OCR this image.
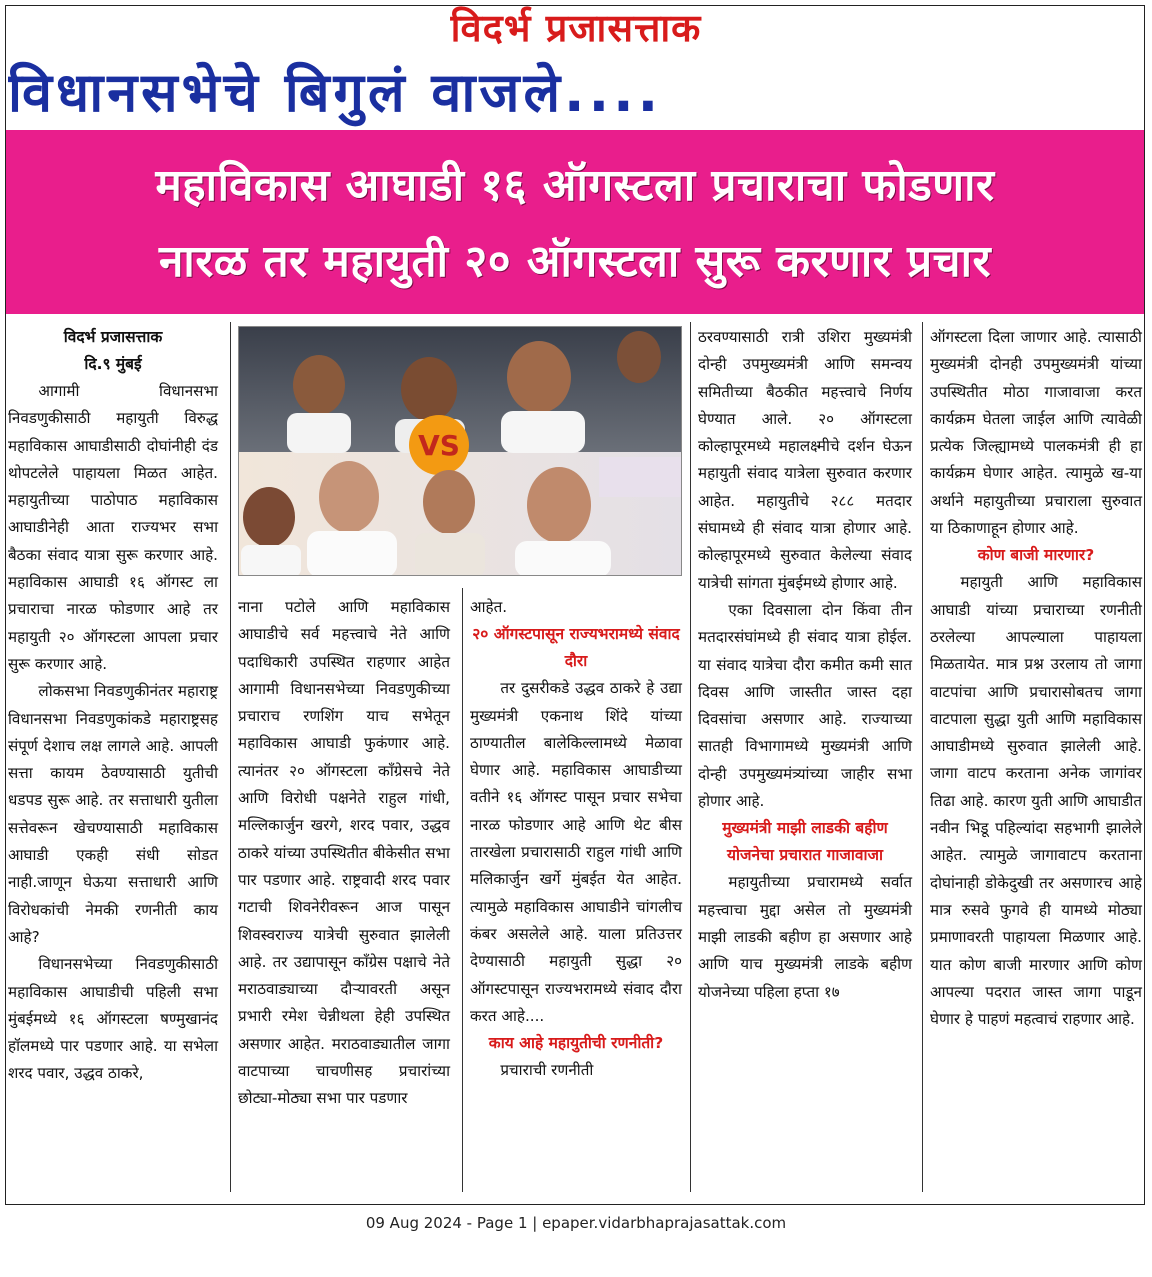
विदर्भ प्रजासत्ताक
विधानसभेचे बिगुलं वाजले....
महाविकास आघाडी १६ ऑगस्टला प्रचाराचा फोडणार
नारळ तर महायुती २० ऑगस्टला सुरू करणार प्रचार

विदर्भ प्रजासत्ताक

दि.९ मुंबई

आगामी विधानसभा निवडणुकीसाठी महायुती विरुद्ध महाविकास आघाडीसाठी दोघांनीही दंड थोपटलेले पाहायला मिळत आहेत. महायुतीच्या पाठोपाठ महाविकास आघाडीनेही आता राज्यभर सभा बैठका संवाद यात्रा सुरू करणार आहे. महाविकास आघाडी १६ ऑगस्ट ला प्रचाराचा नारळ फोडणार आहे तर महायुती २० ऑगस्टला आपला प्रचार सुरू करणार आहे.

लोकसभा निवडणुकीनंतर महाराष्ट्र विधानसभा निवडणुकांकडे महाराष्ट्रसह संपूर्ण देशाच लक्ष लागले आहे. आपली सत्ता कायम ठेवण्यासाठी युतीची धडपड सुरू आहे. तर सत्ताधारी युतीला सत्तेवरून खेचण्यासाठी महाविकास आघाडी एकही संधी सोडत नाही.जाणून घेऊया सत्ताधारी आणि विरोधकांची नेमकी रणनीती काय आहे?

विधानसभेच्या निवडणुकीसाठी महाविकास आघाडीची पहिली सभा मुंबईमध्ये १६ ऑगस्टला षण्मुखानंद हॉलमध्ये पार पडणार आहे. या सभेला शरद पवार, उद्धव ठाकरे,

VS

नाना पटोले आणि महाविकास आघाडीचे सर्व महत्त्वाचे नेते आणि पदाधिकारी उपस्थित राहणार आहेत आगामी विधानसभेच्या निवडणुकीच्या प्रचाराच रणशिंग याच सभेतून महाविकास आघाडी फुकंणार आहे. त्यानंतर २० ऑगस्टला काँग्रेसचे नेते आणि विरोधी पक्षनेते राहुल गांधी, मल्लिकार्जुन खरगे, शरद पवार, उद्धव ठाकरे यांच्या उपस्थितीत बीकेसीत सभा पार पडणार आहे. राष्ट्रवादी शरद पवार गटाची शिवनेरीवरून आज पासून शिवस्वराज्य यात्रेची सुरुवात झालेली आहे. तर उद्यापासून काँग्रेस पक्षाचे नेते मराठवाड्याच्या दौऱ्यावरती असून प्रभारी रमेश चेन्नीथला हेही उपस्थित असणार आहेत. मराठवाड्यातील जागा वाटपाच्या चाचणीसह प्रचारांच्या छोट्या-मोठ्या सभा पार पडणार

आहेत.

२० ऑगस्टपासून राज्यभरामध्ये संवाद दौरा

तर दुसरीकडे उद्धव ठाकरे हे उद्या मुख्यमंत्री एकनाथ शिंदे यांच्या ठाण्यातील बालेकिल्लामध्ये मेळावा घेणार आहे. महाविकास आघाडीच्या वतीने १६ ऑगस्ट पासून प्रचार सभेचा नारळ फोडणार आहे आणि थेट बीस तारखेला प्रचारासाठी राहुल गांधी आणि मलिकार्जुन खर्गे मुंबईत येत आहेत. त्यामुळे महाविकास आघाडीने चांगलीच कंबर असलेले आहे. याला प्रतिउत्तर देण्यासाठी महायुती सुद्धा २० ऑगस्टपासून राज्यभरामध्ये संवाद दौरा करत आहे....

काय आहे महायुतीची रणनीती?

प्रचाराची रणनीती

ठरवण्यासाठी रात्री उशिरा मुख्यमंत्री दोन्ही उपमुख्यमंत्री आणि समन्वय समितीच्या बैठकीत महत्त्वाचे निर्णय घेण्यात आले. २० ऑगस्टला कोल्हापूरमध्ये महालक्ष्मीचे दर्शन घेऊन महायुती संवाद यात्रेला सुरुवात करणार आहेत. महायुतीचे २८८ मतदार संघामध्ये ही संवाद यात्रा होणार आहे. कोल्हापूरमध्ये सुरुवात केलेल्या संवाद यात्रेची सांगता मुंबईमध्ये होणार आहे.

एका दिवसाला दोन किंवा तीन मतदारसंघांमध्ये ही संवाद यात्रा होईल. या संवाद यात्रेचा दौरा कमीत कमी सात दिवस आणि जास्तीत जास्त दहा दिवसांचा असणार आहे. राज्याच्या सातही विभागामध्ये मुख्यमंत्री आणि दोन्ही उपमुख्यमंत्र्यांच्या जाहीर सभा होणार आहे.

मुख्यमंत्री माझी लाडकी बहीण योजनेचा प्रचारात गाजावाजा

महायुतीच्या प्रचारामध्ये सर्वात महत्त्वाचा मुद्दा असेल तो मुख्यमंत्री माझी लाडकी बहीण हा असणार आहे आणि याच मुख्यमंत्री लाडके बहीण योजनेच्या पहिला हप्ता १७

ऑगस्टला दिला जाणार आहे. त्यासाठी मुख्यमंत्री दोनही उपमुख्यमंत्री यांच्या उपस्थितीत मोठा गाजावाजा करत कार्यक्रम घेतला जाईल आणि त्यावेळी प्रत्येक जिल्ह्यामध्ये पालकमंत्री ही हा कार्यक्रम घेणार आहेत. त्यामुळे ख-या अर्थाने महायुतीच्या प्रचाराला सुरुवात या ठिकाणाहून होणार आहे.

कोण बाजी मारणार?

महायुती आणि महाविकास आघाडी यांच्या प्रचाराच्या रणनीती ठरलेल्या आपल्याला पाहायला मिळतायेत. मात्र प्रश्न उरलाय तो जागा वाटपांचा आणि प्रचारासोबतच जागा वाटपाला सुद्धा युती आणि महाविकास आघाडीमध्ये सुरुवात झालेली आहे. जागा वाटप करताना अनेक जागांवर तिढा आहे. कारण युती आणि आघाडीत नवीन भिडू पहिल्यांदा सहभागी झालेले आहेत. त्यामुळे जागावाटप करताना दोघांनाही डोकेदुखी तर असणारच आहे मात्र रुसवे फुगवे ही यामध्ये मोठ्या प्रमाणावरती पाहायला मिळणार आहे. यात कोण बाजी मारणार आणि कोण आपल्या पदरात जास्त जागा पाडून घेणार हे पाहणं महत्वाचं राहणार आहे.

09 Aug 2024 - Page 1 | epaper.vidarbhaprajasattak.com
